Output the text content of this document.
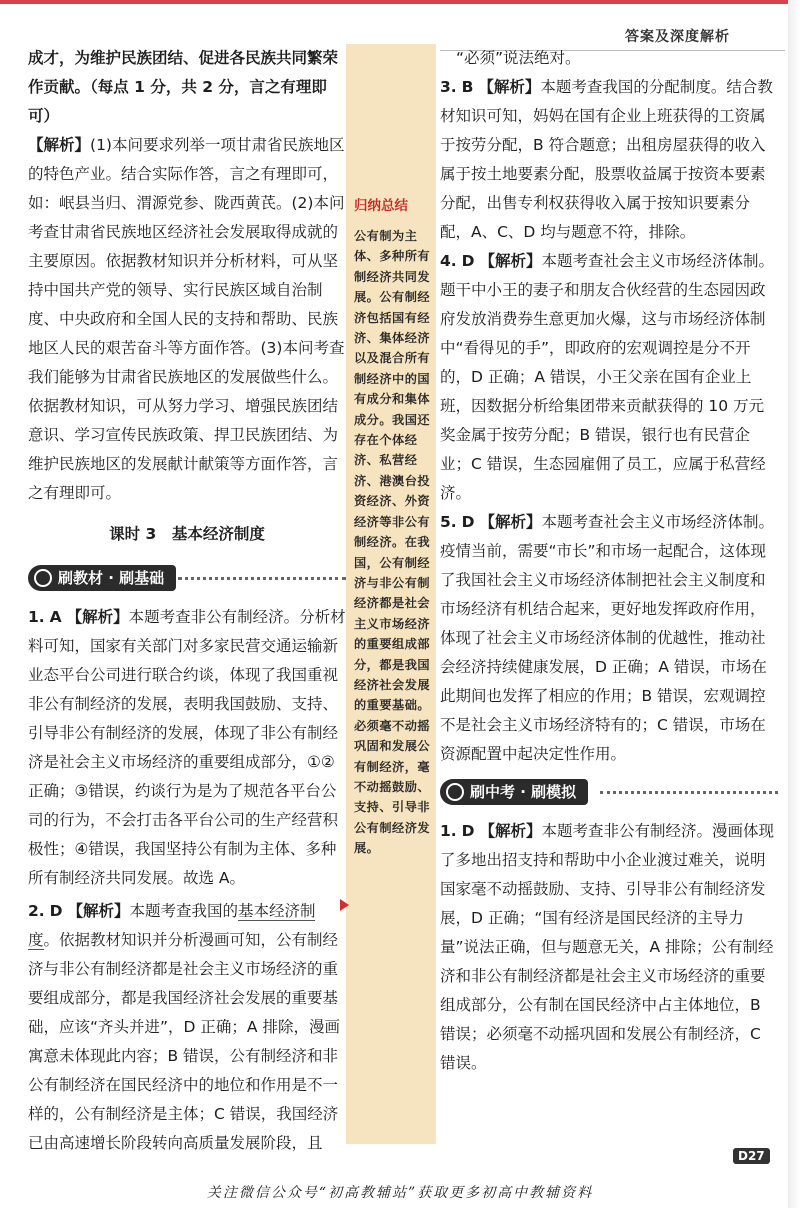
答案及深度解析

成才，为维护民族团结、促进各民族共同繁荣

作贡献。（每点 1 分，共 2 分，言之有理即可）

【解析】(1)本问要求列举一项甘肃省民族地区的特色产业。结合实际作答，言之有理即可，如：岷县当归、渭源党参、陇西黄芪。(2)本问考查甘肃省民族地区经济社会发展取得成就的主要原因。依据教材知识并分析材料，可从坚持中国共产党的领导、实行民族区域自治制度、中央政府和全国人民的支持和帮助、民族地区人民的艰苦奋斗等方面作答。(3)本问考查我们能够为甘肃省民族地区的发展做些什么。依据教材知识，可从努力学习、增强民族团结意识、学习宣传民族政策、捍卫民族团结、为维护民族地区的发展献计献策等方面作答，言之有理即可。

课时 3　基本经济制度

刷教材 · 刷基础

1. A 【解析】本题考查非公有制经济。分析材料可知，国家有关部门对多家民营交通运输新业态平台公司进行联合约谈，体现了我国重视非公有制经济的发展，表明我国鼓励、支持、引导非公有制经济的发展，体现了非公有制经济是社会主义市场经济的重要组成部分，①②正确；③错误，约谈行为是为了规范各平台公司的行为，不会打击各平台公司的生产经营积极性；④错误，我国坚持公有制为主体、多种所有制经济共同发展。故选 A。

2. D 【解析】本题考查我国的基本经济制度。依据教材知识并分析漫画可知，公有制经济与非公有制经济都是社会主义市场经济的重要组成部分，都是我国经济社会发展的重要基础，应该“齐头并进”，D 正确；A 排除，漫画寓意未体现此内容；B 错误，公有制经济和非公有制经济在国民经济中的地位和作用是不一样的，公有制经济是主体；C 错误，我国经济已由高速增长阶段转向高质量发展阶段，且

归纳总结
公有制为主体、多种所有制经济共同发展。公有制经济包括国有经济、集体经济以及混合所有制经济中的国有成分和集体成分。我国还存在个体经济、私营经济、港澳台投资经济、外资经济等非公有制经济。在我国，公有制经济与非公有制经济都是社会主义市场经济的重要组成部分，都是我国经济社会发展的重要基础。必须毫不动摇巩固和发展公有制经济，毫不动摇鼓励、支持、引导非公有制经济发展。

“必须”说法绝对。

3. B 【解析】本题考查我国的分配制度。结合教材知识可知，妈妈在国有企业上班获得的工资属于按劳分配，B 符合题意；出租房屋获得的收入属于按土地要素分配，股票收益属于按资本要素分配，出售专利权获得收入属于按知识要素分配，A、C、D 均与题意不符，排除。

4. D 【解析】本题考查社会主义市场经济体制。题干中小王的妻子和朋友合伙经营的生态园因政府发放消费券生意更加火爆，这与市场经济体制中“看得见的手”，即政府的宏观调控是分不开的，D 正确；A 错误，小王父亲在国有企业上班，因数据分析给集团带来贡献获得的 10 万元奖金属于按劳分配；B 错误，银行也有民营企业；C 错误，生态园雇佣了员工，应属于私营经济。

5. D 【解析】本题考查社会主义市场经济体制。疫情当前，需要“市长”和市场一起配合，这体现了我国社会主义市场经济体制把社会主义制度和市场经济有机结合起来，更好地发挥政府作用，体现了社会主义市场经济体制的优越性，推动社会经济持续健康发展，D 正确；A 错误，市场在此期间也发挥了相应的作用；B 错误，宏观调控不是社会主义市场经济特有的；C 错误，市场在资源配置中起决定性作用。

刷中考 · 刷模拟

1. D 【解析】本题考查非公有制经济。漫画体现了多地出招支持和帮助中小企业渡过难关，说明国家毫不动摇鼓励、支持、引导非公有制经济发展，D 正确；“国有经济是国民经济的主导力量”说法正确，但与题意无关，A 排除；公有制经济和非公有制经济都是社会主义市场经济的重要组成部分，公有制在国民经济中占主体地位，B 错误；必须毫不动摇巩固和发展公有制经济，C 错误。

D27
关注微信公众号“初高教辅站”获取更多初高中教辅资料
